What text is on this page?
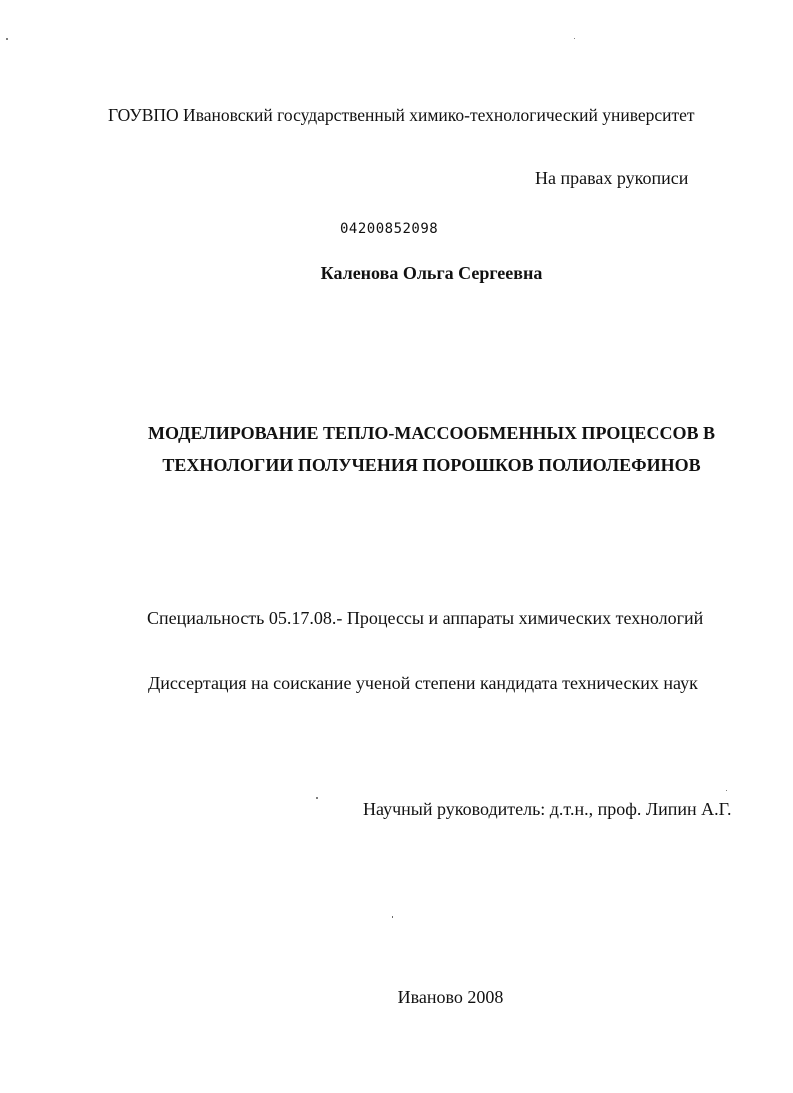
ГОУВПО Ивановский государственный химико-технологический университет
На правах рукописи
04200852098
Каленова Ольга Сергеевна
МОДЕЛИРОВАНИЕ ТЕПЛО-МАССООБМЕННЫХ ПРОЦЕССОВ В
ТЕХНОЛОГИИ ПОЛУЧЕНИЯ ПОРОШКОВ ПОЛИОЛЕФИНОВ
Специальность 05.17.08.- Процессы и аппараты химических технологий
Диссертация на соискание ученой степени кандидата технических наук
Научный руководитель: д.т.н., проф. Липин А.Г.
Иваново 2008
